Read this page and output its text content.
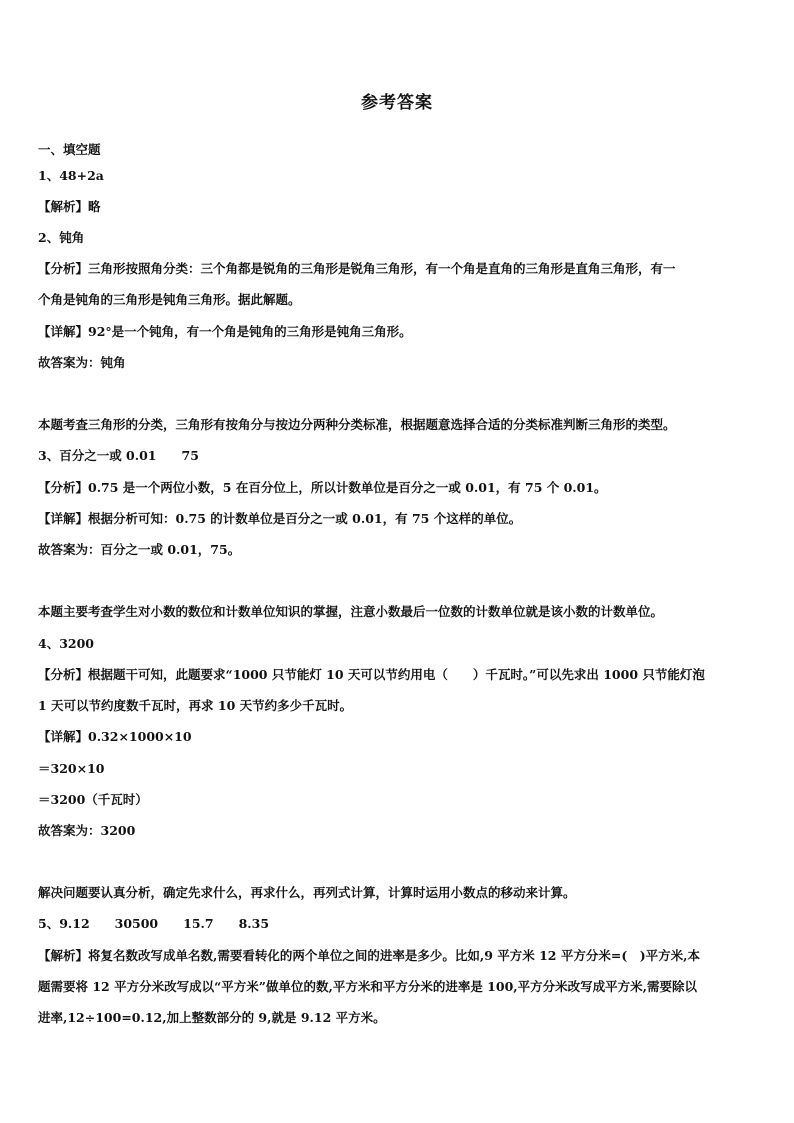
参考答案
一、填空题
1、48+2a
【解析】略
2、钝角
【分析】三角形按照角分类：三个角都是锐角的三角形是锐角三角形，有一个角是直角的三角形是直角三角形，有一
个角是钝角的三角形是钝角三角形。据此解题。
【详解】92°是一个钝角，有一个角是钝角的三角形是钝角三角形。
故答案为：钝角
本题考查三角形的分类，三角形有按角分与按边分两种分类标准，根据题意选择合适的分类标准判断三角形的类型。
3、百分之一或 0.01　　75
【分析】0.75 是一个两位小数，5 在百分位上，所以计数单位是百分之一或 0.01，有 75 个 0.01。
【详解】根据分析可知：0.75 的计数单位是百分之一或 0.01，有 75 个这样的单位。
故答案为：百分之一或 0.01，75。
本题主要考查学生对小数的数位和计数单位知识的掌握，注意小数最后一位数的计数单位就是该小数的计数单位。
4、3200
【分析】根据题干可知，此题要求“1000 只节能灯 10 天可以节约用电（　　）千瓦时。”可以先求出 1000 只节能灯泡
1 天可以节约度数千瓦时，再求 10 天节约多少千瓦时。
【详解】0.32×1000×10
＝320×10
＝3200（千瓦时）
故答案为：3200
解决问题要认真分析，确定先求什么，再求什么，再列式计算，计算时运用小数点的移动来计算。
5、9.12　　30500　　15.7　　8.35
【解析】将复名数改写成单名数,需要看转化的两个单位之间的进率是多少。比如,9 平方米 12 平方分米=(　)平方米,本
题需要将 12 平方分米改写成以“平方米”做单位的数,平方米和平方分米的进率是 100,平方分米改写成平方米,需要除以
进率,12÷100=0.12,加上整数部分的 9,就是 9.12 平方米。
